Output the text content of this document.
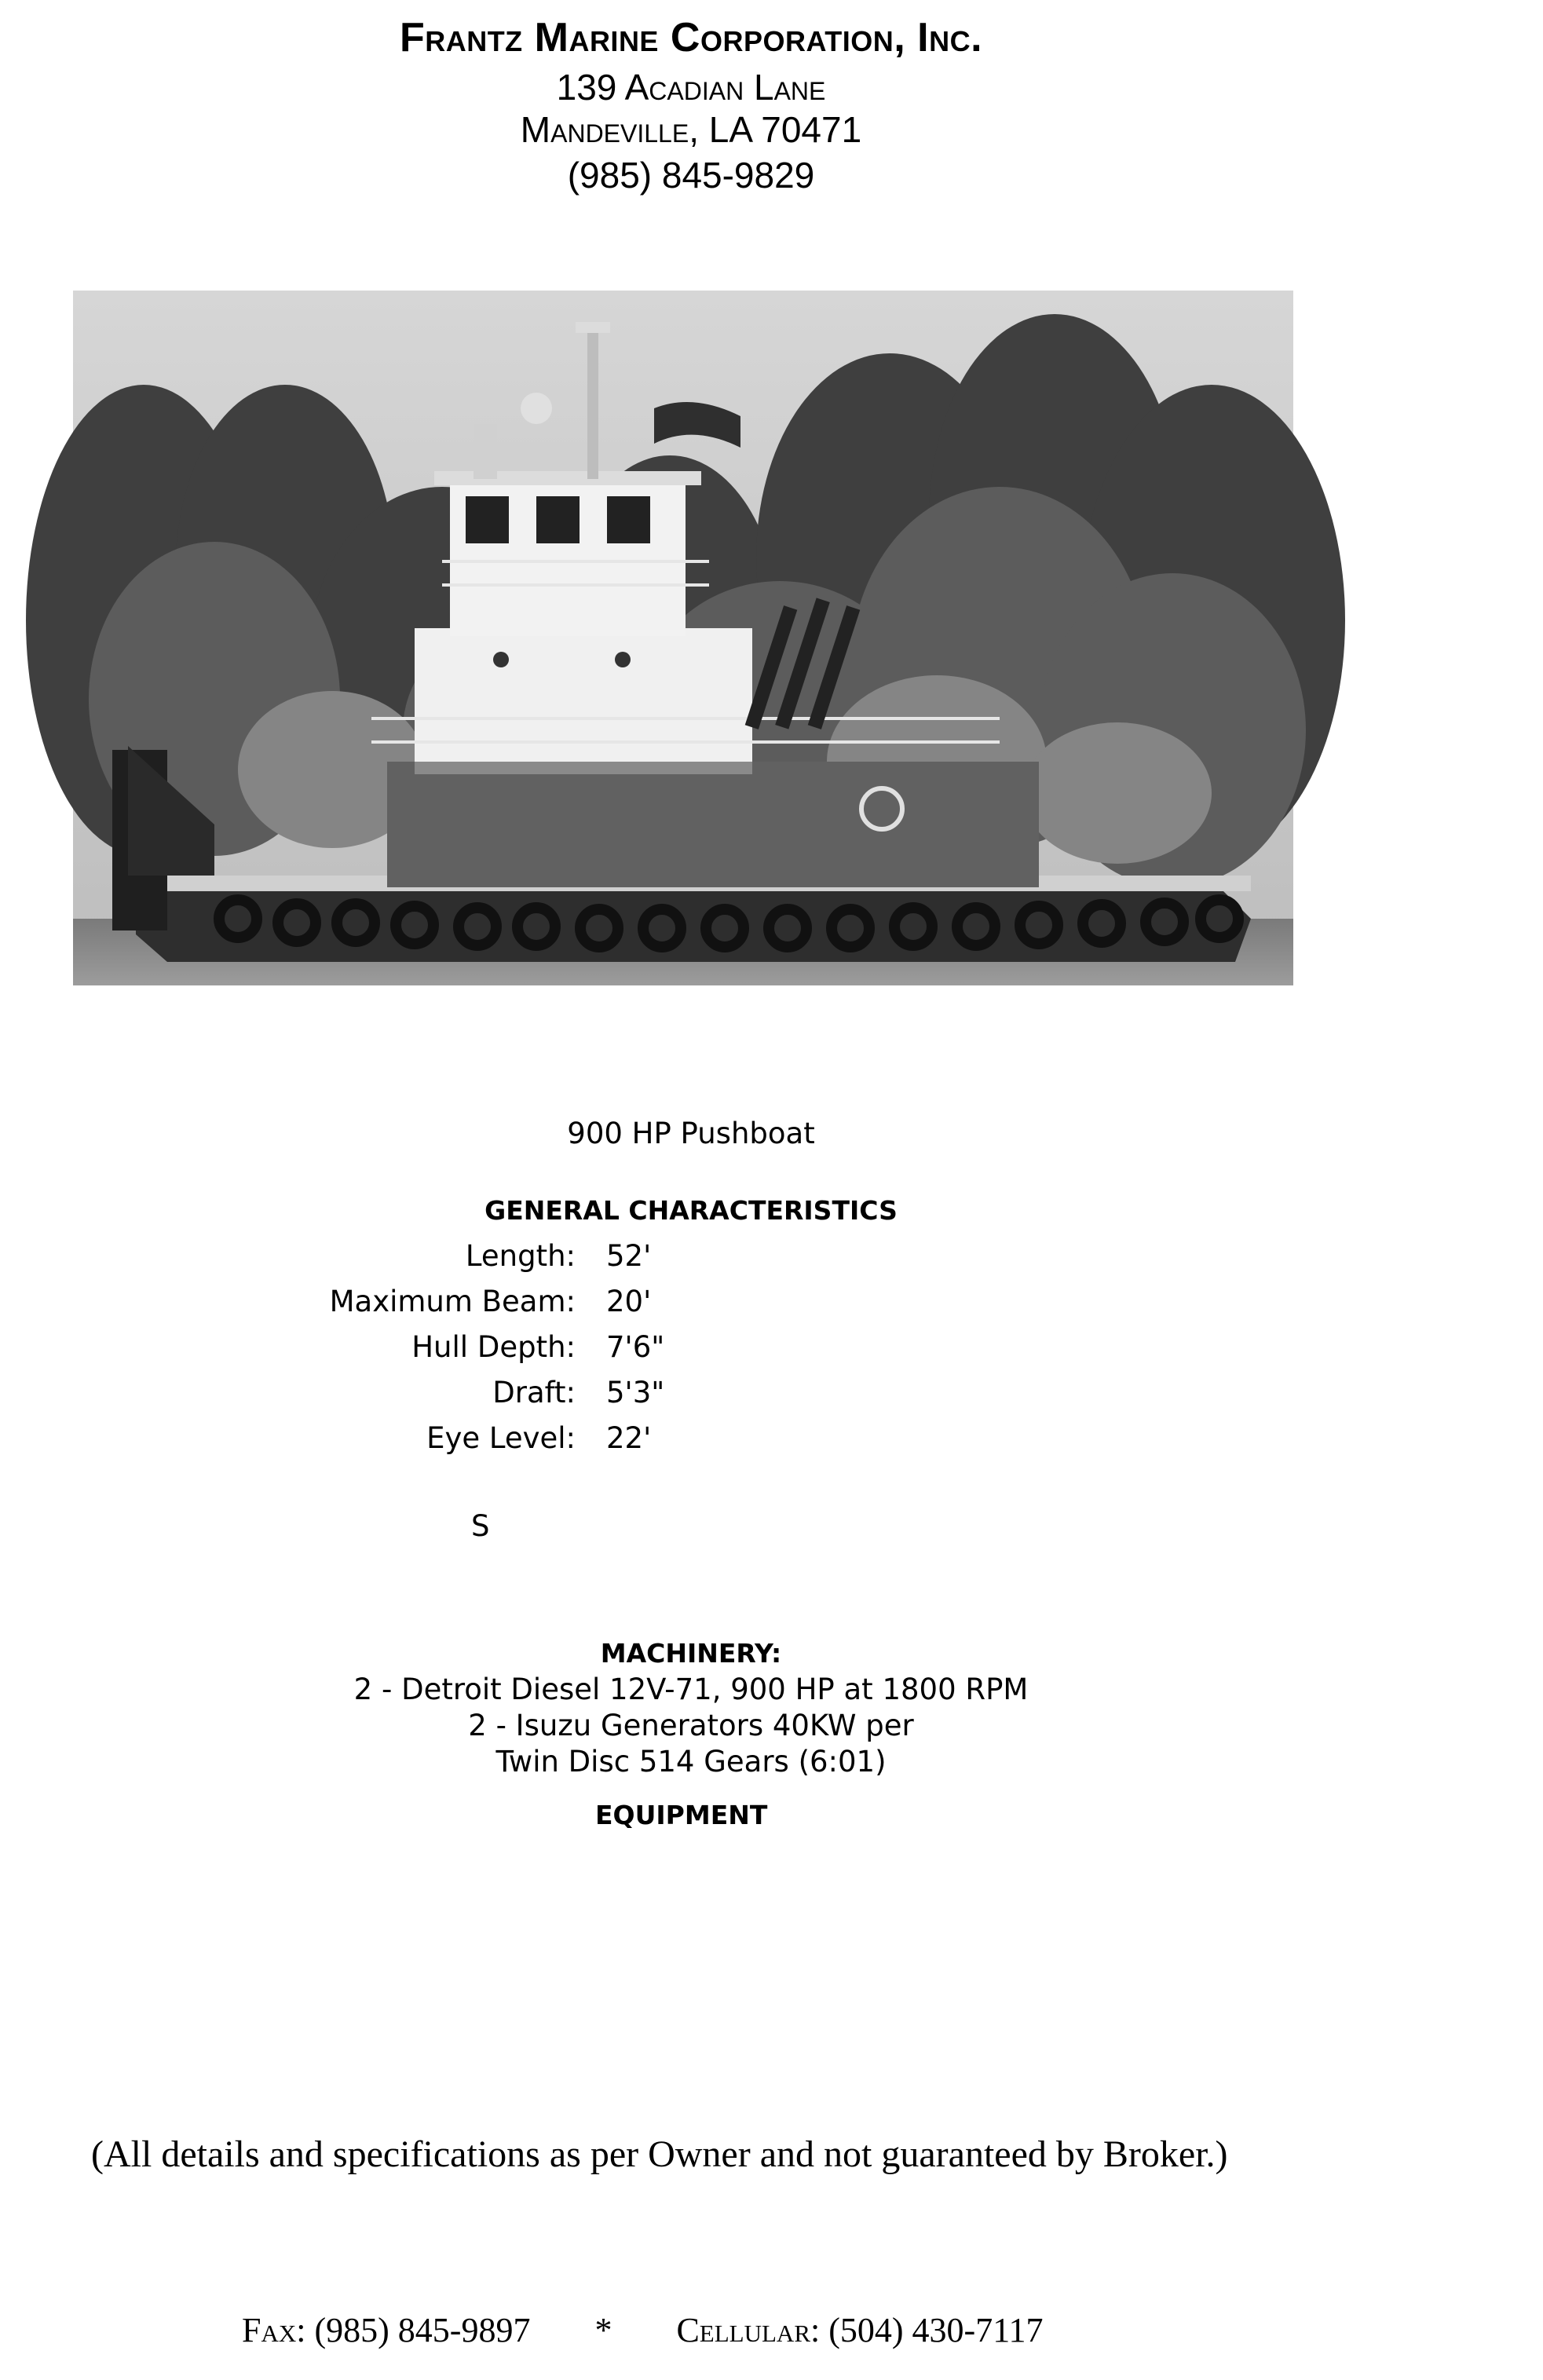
Frantz Marine Corporation, Inc.
139 Acadian Lane
Mandeville, LA 70471
(985) 845-9829
900 HP Pushboat
GENERAL CHARACTERISTICS
Length: 52'
Maximum Beam: 20'
Hull Depth: 7'6"
Draft: 5'3"
Eye Level: 22'
S
MACHINERY:
2 - Detroit Diesel 12V-71, 900 HP at 1800 RPM
2 - Isuzu Generators 40KW per
Twin Disc 514 Gears (6:01)
EQUIPMENT
(All details and specifications as per Owner and not guaranteed by Broker.)
Fax: (985) 845-9897 * Cellular: (504) 430-7117
